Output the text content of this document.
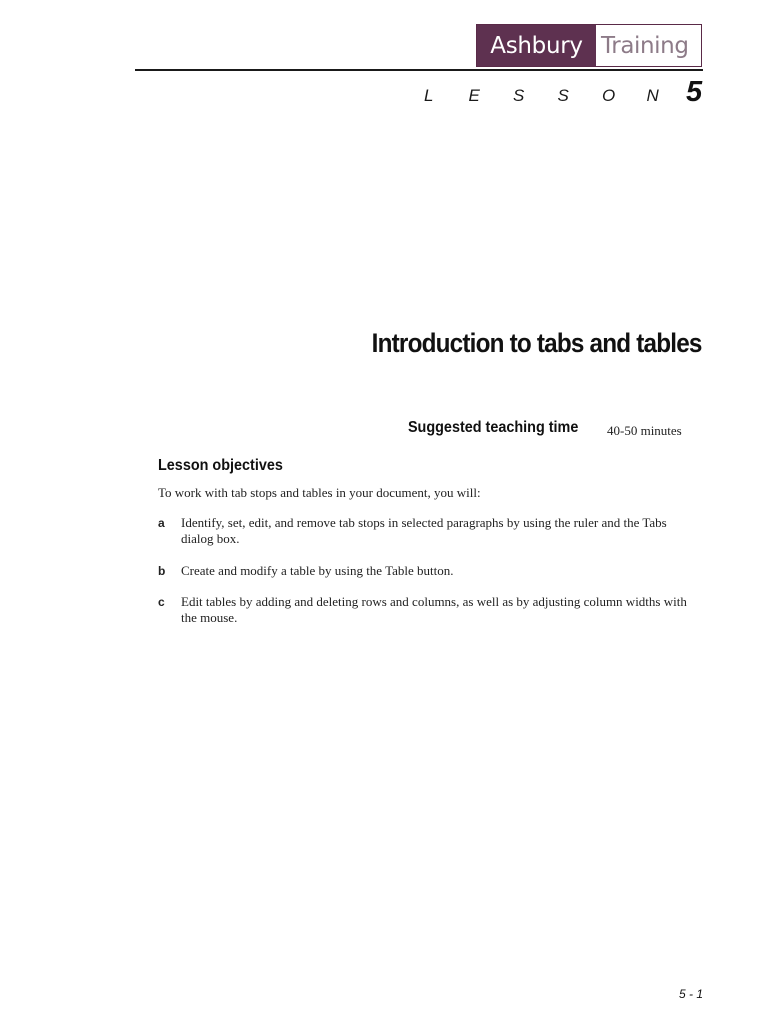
Ashbury Training
L	E	S	S	O	N 5
Introduction to tabs and tables
Suggested teaching time 40-50 minutes
Lesson objectives
To work with tab stops and tables in your document, you will:
a Identify, set, edit, and remove tab stops in selected paragraphs by using the ruler and the Tabs dialog box.
b Create and modify a table by using the Table button.
c Edit tables by adding and deleting rows and columns, as well as by adjusting column widths with the mouse.
5 - 1
